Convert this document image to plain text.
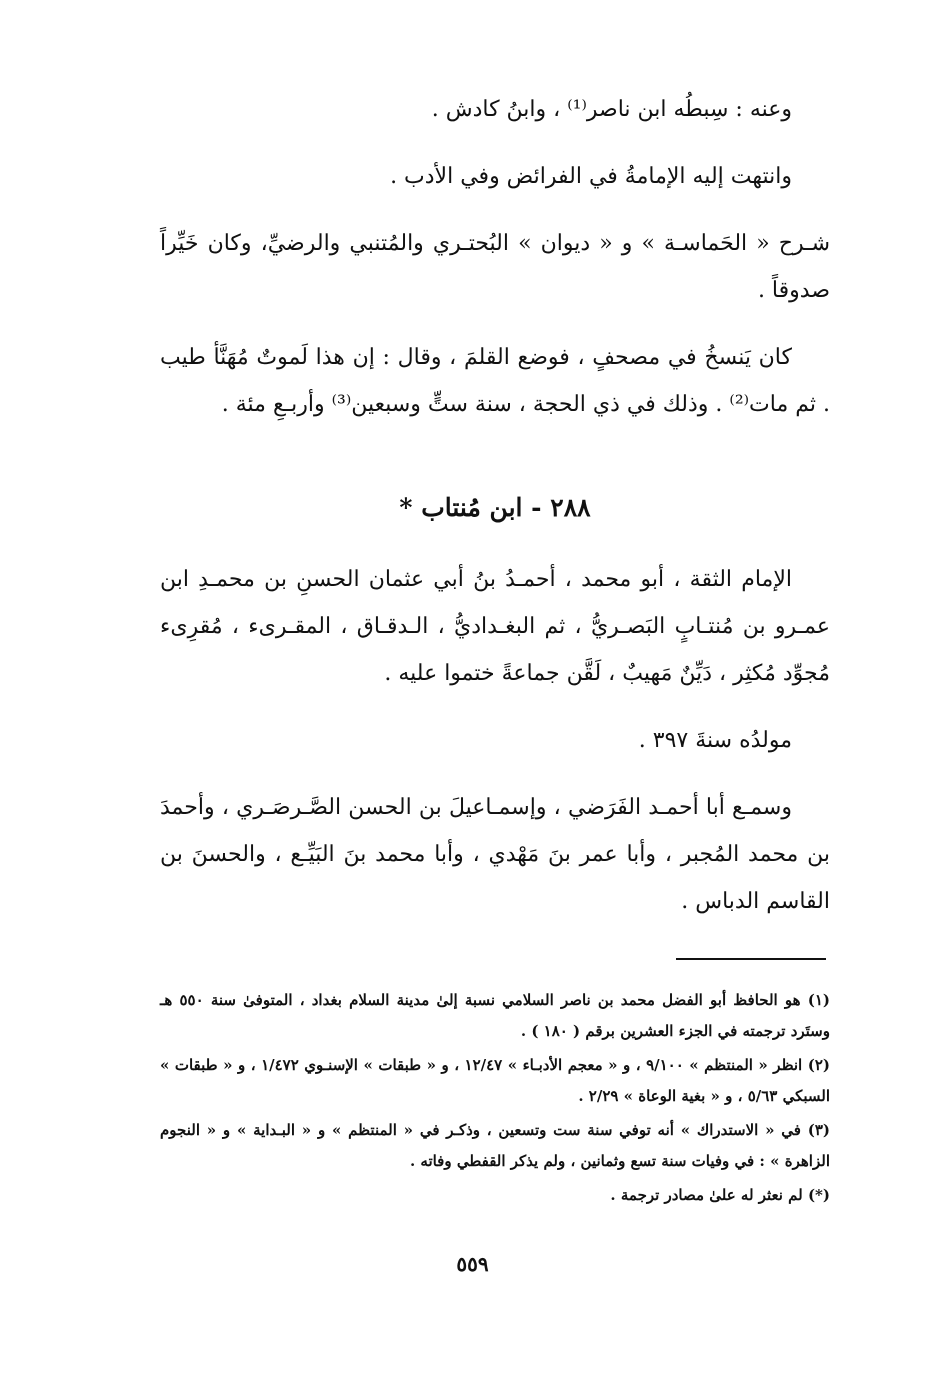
وعنه : سِبطُه ابن ناصر⁽¹⁾ ، وابنُ كادش .

وانتهت إليه الإمامةُ في الفرائض وفي الأدب .

شـرح « الحَماسـة » و « ديوان » البُحتـري والمُتنبي والرضيِّ، وكان خَيِّراً صدوقاً .

كان يَنسخُ في مصحفٍ ، فوضع القلمَ ، وقال : إن هذا لَموتٌ مُهَنَّأ طيب . ثم مات⁽²⁾ . وذلك في ذي الحجة ، سنة ستٍّ وسبعين⁽³⁾ وأربـعِ مئة .

٢٨٨ - ابن مُنتاب *

الإمام الثقة ، أبو محمد ، أحمـدُ بنُ أبي عثمان الحسنِ بن محمـدِ ابن عمـرو بن مُنتـابٍ البَصـريُّ ، ثم البغـداديُّ ، الـدقـاق ، المقـرىء ، مُقرِىء مُجوِّد مُكثِر ، دَيِّنٌ مَهيبٌ ، لَقَّن جماعةً ختموا عليه .

مولدُه سنةَ ٣٩٧ .

وسمـع أبا أحمـد الفَرَضي ، وإسمـاعيلَ بن الحسن الصَّـرصَـري ، وأحمدَ بن محمد المُجبر ، وأبا عمر بنَ مَهْدي ، وأبا محمد بنَ البَيِّـع ، والحسنَ بن القاسم الدباس .

(١) هو الحافظ أبو الفضل محمد بن ناصر السلامي نسبة إلىٰ مدينة السلام بغداد ، المتوفىٰ سنة ٥٥٠ هـ وستَرد ترجمته في الجزء العشرين برقم ( ١٨٠ ) .

(٢) انظر « المنتظم » ٩/١٠٠ ، و « معجم الأدبـاء » ١٢/٤٧ ، و « طبقات » الإسنـوي ١/٤٧٢ ، و « طبقات » السبكي ٥/٦٣ ، و « بغية الوعاة » ٢/٢٩ .

(٣) في « الاستدراك » أنه توفي سنة ست وتسعين ، وذكـر في « المنتظم » و « البـداية » و « النجوم الزاهرة » : في وفيات سنة تسع وثمانين ، ولم يذكر القفطي وفاته .

(*) لم نعثر له علىٰ مصادر ترجمة .

٥٥٩
